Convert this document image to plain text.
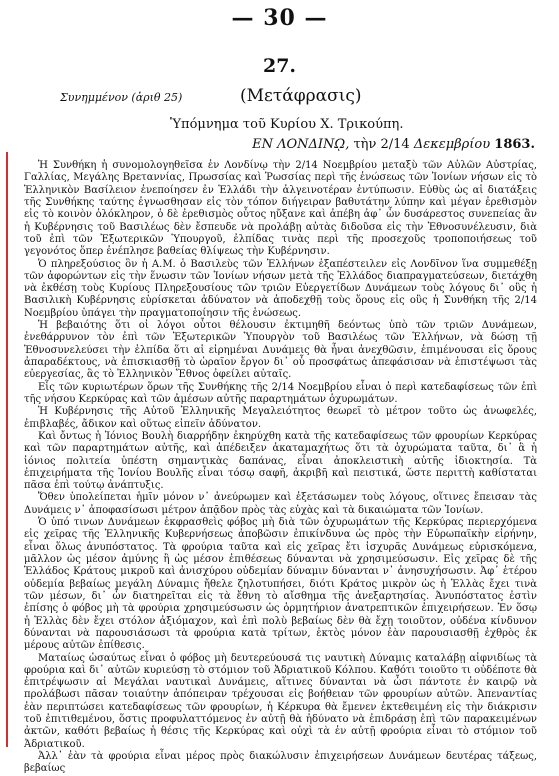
— 30 —
27.
Συνημμένον (ἀριθ 25)	(Μετάφρασις)
Ὑπόμνημα τοῦ Κυρίου Χ. Τρικούπη.
ΕΝ ΛΟΝΔΙΝῼ, τὴν 2/14 Δεκεμβρίου 1863.

Ἡ Συνθήκη ἡ συνομολογηθεῖσα ἐν Λονδίνῳ τὴν 2/14 Νοεμβρίου μεταξὺ τῶν Αὐλῶν Αὐστρίας, Γαλλίας, Μεγάλης Βρεταννίας, Πρωσσίας καὶ Ῥωσσίας περὶ τῆς ἑνώσεως τῶν Ἰονίων νήσων εἰς τὸ Ἑλληνικὸν Βασίλειον ἐνεποίησεν ἐν Ἑλλάδι τὴν ἀλγεινοτέραν ἐντύπωσιν. Εὐθὺς ὡς αἱ διατάξεις τῆς Συνθήκης ταύτης ἐγνωσθησαν εἰς τὸν τόπον διήγειραν βαθυτάτην λύπην καὶ μέγαν ἐρεθισμὸν εἰς τὸ κοινὸν ὁλόκληρον, ὁ δὲ ἐρεθισμὸς οὗτος ηὔξανε καὶ ἀπέβη ἀφ᾽ ὧν δυσάρεστος συνεπείας ἂν ἡ Κυβέρνησις τοῦ Βασιλέως δὲν ἔσπευδε νὰ προλάβῃ αὐτὰς διδοῦσα εἰς τὴν Ἐθνοσυνέλευσιν, διὰ τοῦ ἐπὶ τῶν Ἐξωτερικῶν Ὑπουργοῦ, ἐλπίδας τινὰς περὶ τῆς προσεχοῦς τροποποιήσεως τοῦ γεγονότος ὅπερ ἐνέπλησε βαθείας θλίψεως τὴν Κυβέρνησιν.

Ὁ πληρεξούσιος ὃν ἡ Α.Μ. ὁ Βασιλεὺς τῶν Ἑλλήνων ἐξαπέστειλεν εἰς Λονδῖνον ἵνα συμμεθέξῃ τῶν ἀφορώντων εἰς τὴν ἕνωσιν τῶν Ἰονίων νήσων μετὰ τῆς Ἑλλάδος διαπραγματεύσεων, διετάχθη νὰ ἐκθέσῃ τοὺς Κυρίους Πληρεξουσίους τῶν τριῶν Εὐεργετίδων Δυνάμεων τοὺς λόγους δι᾽ οὓς ἡ Βασιλικὴ Κυβέρνησις εὑρίσκεται ἀδύνατον νὰ ἀποδεχθῇ τοὺς ὅρους εἰς οὓς ἡ Συνθήκη τῆς 2/14 Νοεμβρίου ὑπάγει τὴν πραγματοποίησιν τῆς ἑνώσεως.

Ἡ βεβαιότης ὅτι οἱ λόγοι οὗτοι θέλουσιν ἐκτιμηθῆ δεόντως ὑπὸ τῶν τριῶν Δυνάμεων, ἐνεθάρρυνον τὸν ἐπὶ τῶν Ἐξωτερικῶν Ὑπουργὸν τοῦ Βασιλέως τῶν Ἑλλήνων, νὰ δώσῃ τῇ Ἐθνοσυνελεύσει τὴν ἐλπίδα ὅτι αἱ εἰρημέναι Δυνάμεις θὰ ἦναι ἀνεχθῶσιν, ἐπιμένουσαι εἰς ὅρους ἀπαραδέκτους, νὰ ἐπισκιασθῇ τὸ ὡραῖον ἔργον δι᾽ οὗ προσφάτως ἀπεφάσισαν νὰ ἐπιστέψωσι τὰς εὐεργεσίας, ἃς τὸ Ἑλληνικὸν Ἔθνος ὀφείλει αὐταῖς.

Εἷς τῶν κυριωτέρων ὅρων τῆς Συνθήκης τῆς 2/14 Νοεμβρίου εἶναι ὁ περὶ κατεδαφίσεως τῶν ἐπὶ τῆς νήσου Κερκύρας καὶ τῶν ἀμέσων αὐτῆς παραρτημάτων ὀχυρωμάτων.

Ἡ Κυβέρνησις τῆς Αὐτοῦ Ἑλληνικῆς Μεγαλειότητος θεωρεῖ τὸ μέτρον τοῦτο ὡς ἀνωφελές, ἐπιβλαβές, ἄδικον καὶ οὕτως εἰπεῖν ἀδύνατον.

Καὶ ὄντως ἡ Ἰόνιος Βουλὴ διαρρήδην ἐκηρύχθη κατὰ τῆς κατεδαφίσεως τῶν φρουρίων Κερκύρας καὶ τῶν παραρτημάτων αὐτῆς, καὶ ἀπέδειξεν ἀκαταμαχήτως ὅτι τὰ ὀχυρώματα ταῦτα, δι᾽ ἃ ἡ ἰόνιος πολιτεία ὑπέστη σημαντικὰς δαπάνας, εἶναι ἀποκλειστικὴ αὐτῆς ἰδιοκτησία. Τὰ ἐπιχειρήματα τῆς Ἰονίου Βουλῆς εἶναι τόσῳ σαφῆ, ἀκριβῆ καὶ πειστικά, ὥστε περιττὴ καθίσταται πᾶσα ἐπὶ τούτῳ ἀνάπτυξις.

Ὅθεν ὑπολείπεται ἡμῖν μόνον ν᾽ ἀνεύρωμεν καὶ ἐξετάσωμεν τοὺς λόγους, οἵτινες ἔπεισαν τὰς Δυνάμεις ν᾽ ἀποφασίσωσι μέτρον ἀπᾷδον πρὸς τὰς εὐχὰς καὶ τὰ δικαιώματα τῶν Ἰονίων.

Ὁ ὑπό τινων Δυνάμεων ἐκφρασθεὶς φόβος μὴ διὰ τῶν ὀχυρωμάτων τῆς Κερκύρας περιερχόμενα εἰς χεῖρας τῆς Ἑλληνικῆς Κυβερνήσεως ἀποβῶσιν ἐπικίνδυνα ὡς πρὸς τὴν Εὐρωπαϊκὴν εἰρήνην, εἶναι ὅλως ἀνυπόστατος. Τὰ φρούρια ταῦτα καὶ εἰς χεῖρας ἔτι ἰσχυρᾶς Δυνάμεως εὑρισκόμενα, μᾶλλον ὡς μέσον ἀμύνης ἢ ὡς μέσον ἐπιθέσεως δύνανται νὰ χρησιμεύσωσιν. Εἰς χεῖρας δὲ τῆς Ἑλλάδος Κράτους μικροῦ καὶ ἀνισχύρου οὐδεμίαν δύναμιν δύνανται ν᾽ ἀνησυχήσωσιν. Ἀφ᾽ ἑτέρου οὐδεμία βεβαίως μεγάλη Δύναμις ἤθελε ζηλοτυπήσει, διότι Κράτος μικρὸν ὡς ἡ Ἑλλὰς ἔχει τινὰ τῶν μέσων, δι᾽ ὧν διατηρεῖται εἰς τὰ ἔθνη τὸ αἴσθημα τῆς ἀνεξαρτησίας. Ἀνυπόστατος ἐστὶν ἐπίσης ὁ φόβος μὴ τὰ φρούρια χρησιμεύσωσιν ὡς ὁρμητήριον ἀνατρεπτικῶν ἐπιχειρήσεων. Ἐν ὅσῳ ἡ Ἑλλὰς δὲν ἔχει στόλον ἀξιόμαχον, καὶ ἐπὶ πολὺ βεβαίως δὲν θὰ ἔχῃ τοιοῦτον, οὐδένα κίνδυνον δύνανται νὰ παρουσιάσωσι τὰ φρούρια κατὰ τρίτων, ἐκτὸς μόνον ἐὰν παρουσιασθῇ ἐχθρὸς ἐκ μέρους αὐτῶν ἐπίθεσις.

Ματαίως ὡσαύτως εἶναι ὁ φόβος μὴ δευτερεύουσά τις ναυτικὴ Δύναμις καταλάβῃ αἰφνιδίως τὰ φρούρια καὶ δι᾽ αὐτῶν κυριεύσῃ τὸ στόμιον τοῦ Ἀδριατικοῦ Κόλπου. Καθότι τοιοῦτο τι οὐδέποτε θὰ ἐπιτρέψωσιν αἱ Μεγάλαι ναυτικαὶ Δυνάμεις, αἵτινες δύνανται νὰ ὦσι πάντοτε ἐν καιρῷ νὰ προλάβωσι πᾶσαν τοιαύτην ἀπόπειραν τρέχουσαι εἰς βοήθειαν τῶν φρουρίων αὐτῶν. Ἀπεναντίας ἐὰν περιπτώσει κατεδαφίσεως τῶν φρουρίων, ἡ Κέρκυρα θὰ ἔμενεν ἐκτεθειμένη εἰς τὴν διάκρισιν τοῦ ἐπιτιθεμένου, ὅστις προφυλαττόμενος ἐν αὐτῇ θὰ ἠδύνατο νὰ ἐπιδράσῃ ἐπὶ τῶν παρακειμένων ἀκτῶν, καθότι βεβαίως ἡ θέσις τῆς Κερκύρας καὶ οὐχὶ τὰ ἐν αὐτῇ φρούρια εἶναι τὸ στόμιον τοῦ Ἀδριατικοῦ.

Ἀλλ᾽ ἐὰν τὰ φρούρια εἶναι μέρος πρὸς διακώλυσιν ἐπιχειρήσεων Δυνάμεων δευτέρας τάξεως, βεβαίως
